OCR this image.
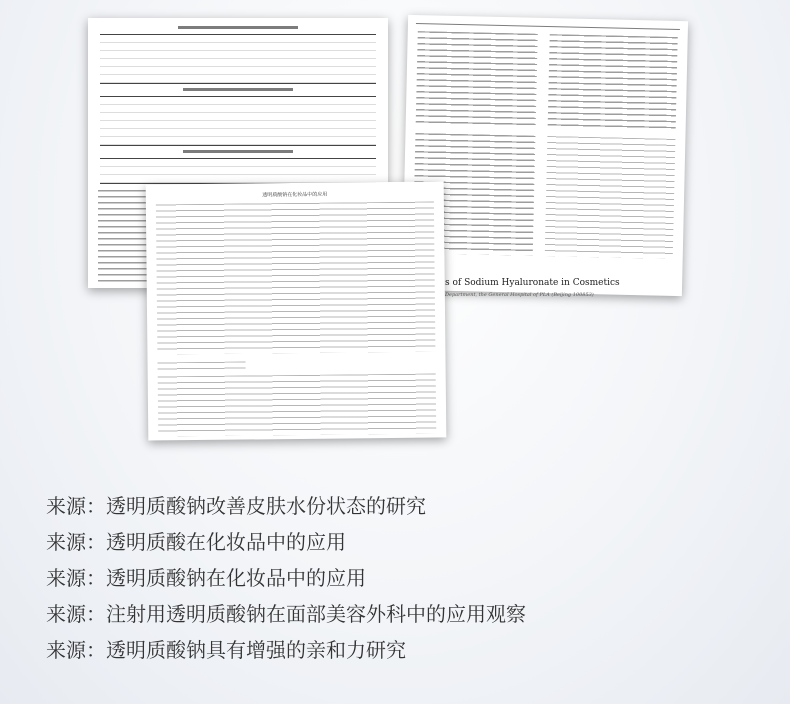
s of Sodium Hyaluronate in Cosmetics
Department, the General Hospital of PLA (Beijing 100853)
透明质酸钠在化妆品中的应用
来源： 透明质酸钠改善皮肤水份状态的研究
来源： 透明质酸在化妆品中的应用
来源： 透明质酸钠在化妆品中的应用
来源： 注射用透明质酸钠在面部美容外科中的应用观察
来源： 透明质酸钠具有增强的亲和力研究
